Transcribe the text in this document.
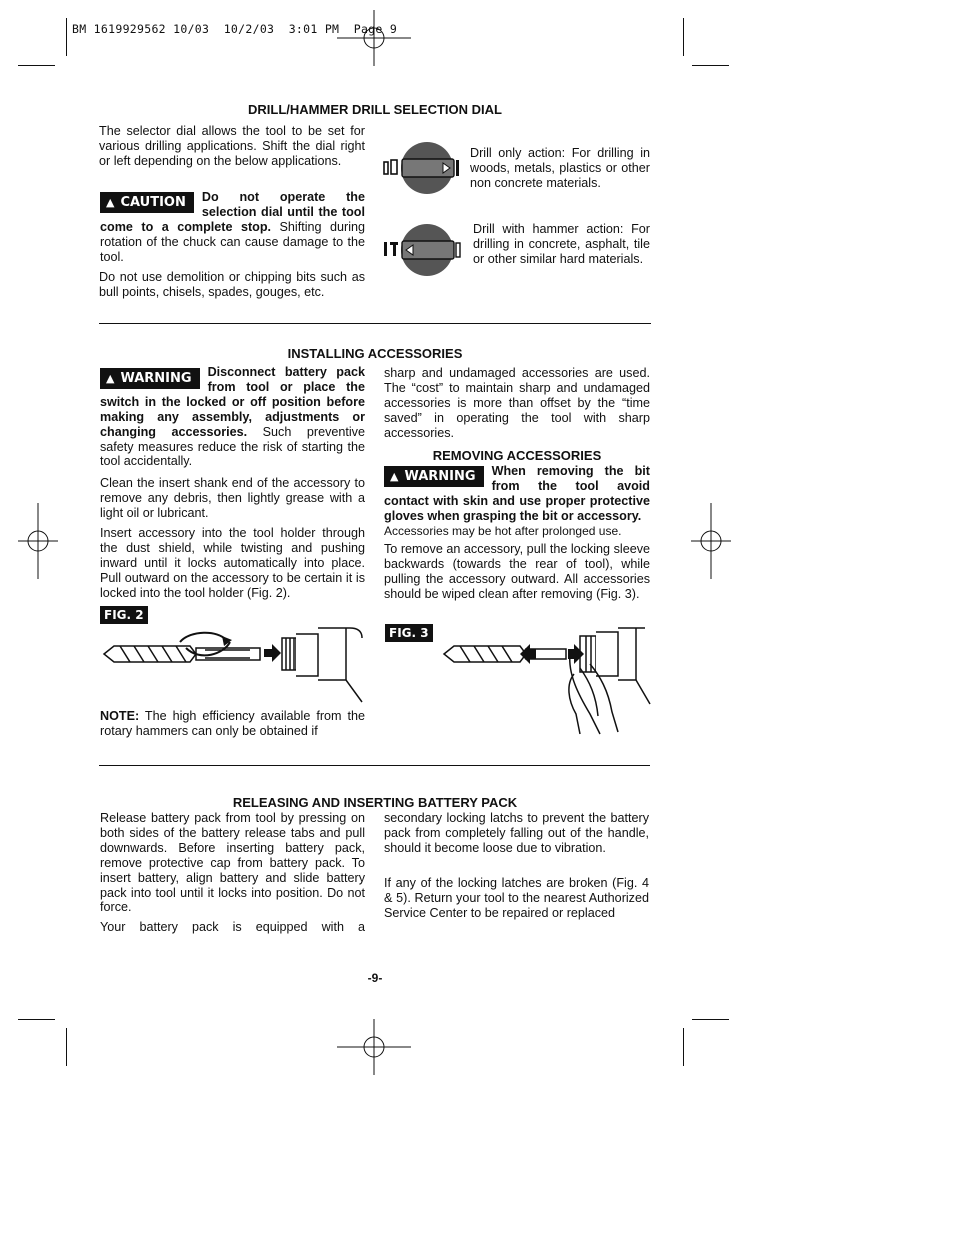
BM 1619929562 10/03  10/2/03  3:01 PM  Page 9
DRILL/HAMMER DRILL SELECTION DIAL

The selector dial allows the tool to be set for various drilling applications. Shift the dial right or left depending on the below applications.

▲ CAUTION	Do not operate the selection dial until the tool come to a complete stop. Shifting during rotation of the chuck can cause damage to the tool.

Do not use demolition or chipping bits such as bull points, chisels, spades, gouges, etc.

Drill only action: For drilling in woods, metals, plastics or other non concrete materials.

Drill with hammer action: For drilling in concrete, asphalt, tile or other similar hard materials.

INSTALLING ACCESSORIES

▲ WARNING	Disconnect battery pack from tool or place the switch in the locked or off position before making any assembly, adjustments or changing accessories. Such preventive safety measures reduce the risk of starting the tool accidentally.

Clean the insert shank end of the accessory to remove any debris, then lightly grease with a light oil or lubricant.

Insert accessory into the tool holder through the dust shield, while twisting and pushing inward until it locks automatically into place. Pull outward on the accessory to be certain it is locked into the tool holder (Fig. 2).

FIG. 2

NOTE: The high efficiency available from the rotary hammers can only be obtained if

sharp and undamaged accessories are used. The “cost” to maintain sharp and undamaged accessories is more than offset by the “time saved” in operating the tool with sharp accessories.

REMOVING ACCESSORIES

▲ WARNING	When removing the bit from the tool avoid contact with skin and use proper protective gloves when grasping the bit or accessory.

Accessories may be hot after prolonged use.

To remove an accessory, pull the locking sleeve backwards (towards the rear of tool), while pulling the accessory outward. All accessories should be wiped clean after removing (Fig. 3).

FIG. 3
RELEASING AND INSERTING BATTERY PACK

Release battery pack from tool by pressing on both sides of the battery release tabs and pull downwards. Before inserting battery pack, remove protective cap from battery pack. To insert battery, align battery and slide battery pack into tool until it locks into position. Do not force.

Your battery pack is equipped with a

secondary locking latchs to prevent the battery pack from completely falling out of the handle, should it become loose due to vibration.

If any of the locking latches are broken (Fig. 4 & 5). Return your tool to the nearest Authorized Service Center to be repaired or replaced

-9-
